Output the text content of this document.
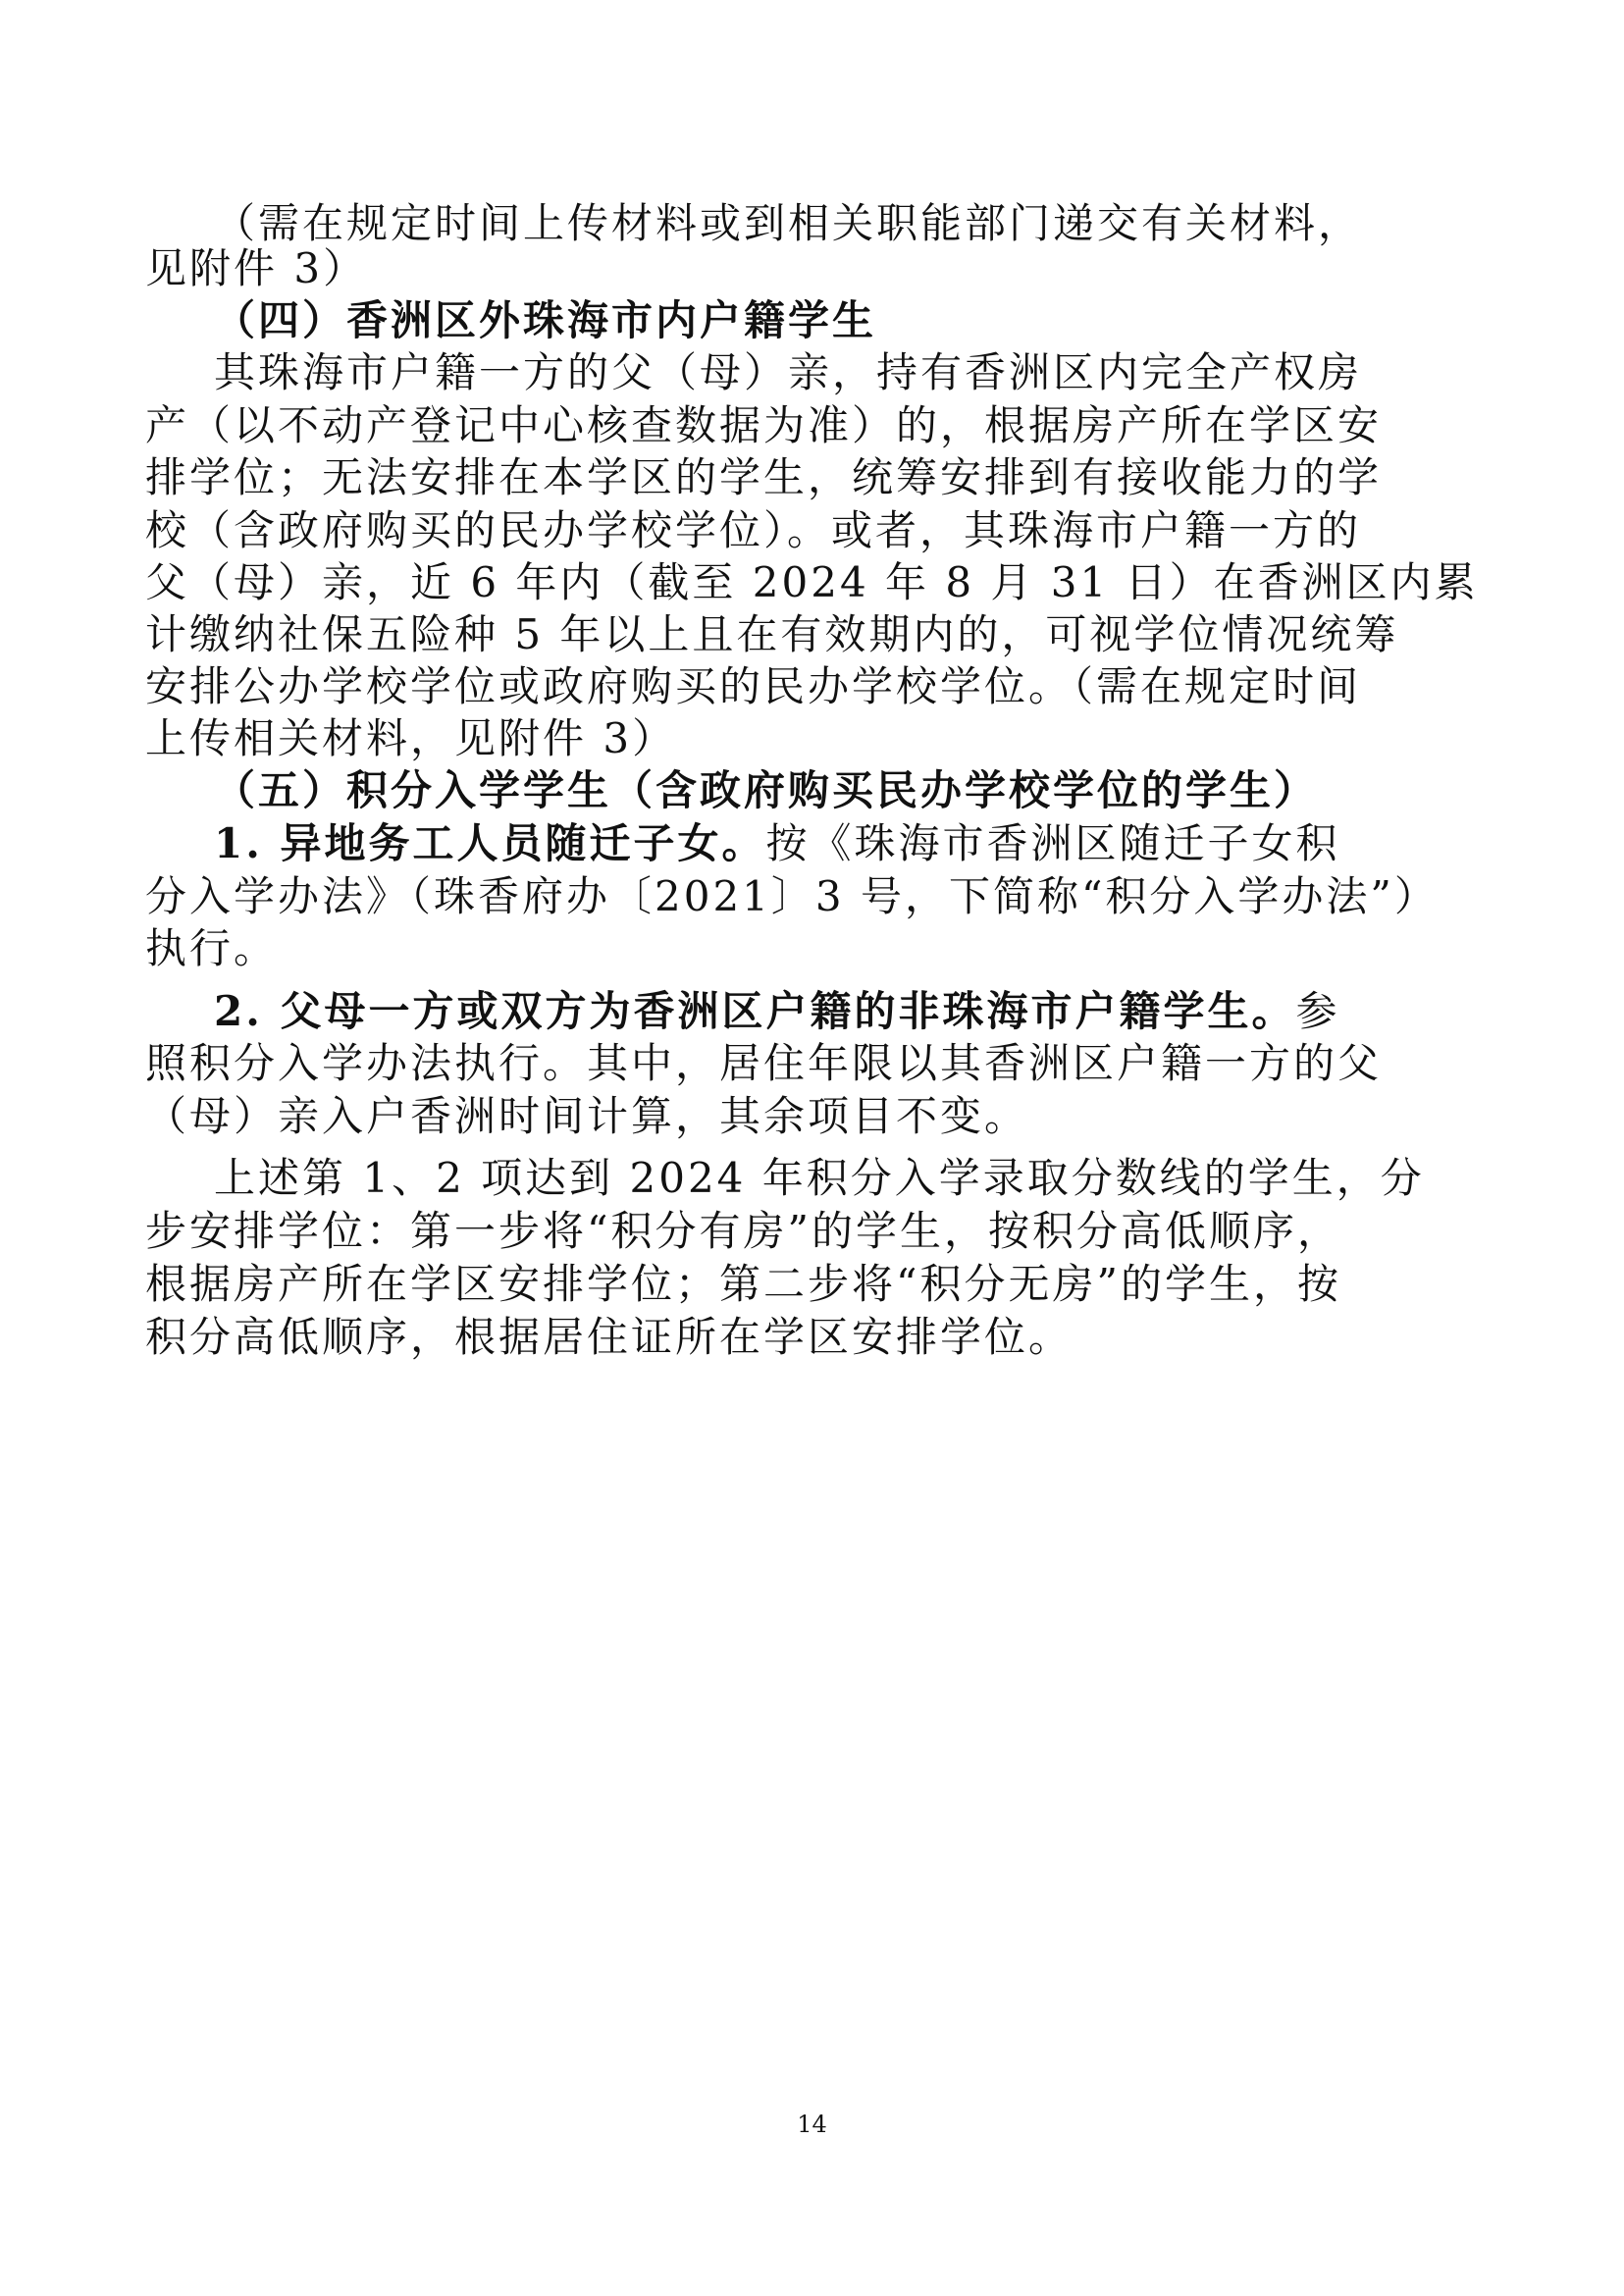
（需在规定时间上传材料或到相关职能部门递交有关材料，
见附件 3）
（四）香洲区外珠海市内户籍学生
其珠海市户籍一方的父（母）亲，持有香洲区内完全产权房
产（以不动产登记中心核查数据为准）的，根据房产所在学区安
排学位；无法安排在本学区的学生，统筹安排到有接收能力的学
校（含政府购买的民办学校学位）。或者，其珠海市户籍一方的
父（母）亲，近 6 年内（截至 2024 年 8 月 31 日）在香洲区内累
计缴纳社保五险种 5 年以上且在有效期内的，可视学位情况统筹
安排公办学校学位或政府购买的民办学校学位。（需在规定时间
上传相关材料，见附件 3）
（五）积分入学学生（含政府购买民办学校学位的学生）
1. 异地务工人员随迁子女。按《珠海市香洲区随迁子女积
分入学办法》（珠香府办〔2021〕3 号，下简称“积分入学办法”）
执行。
2. 父母一方或双方为香洲区户籍的非珠海市户籍学生。参
照积分入学办法执行。其中，居住年限以其香洲区户籍一方的父
（母）亲入户香洲时间计算，其余项目不变。
上述第 1、2 项达到 2024 年积分入学录取分数线的学生，分
步安排学位：第一步将“积分有房”的学生，按积分高低顺序，
根据房产所在学区安排学位；第二步将“积分无房”的学生，按
积分高低顺序，根据居住证所在学区安排学位。
14
